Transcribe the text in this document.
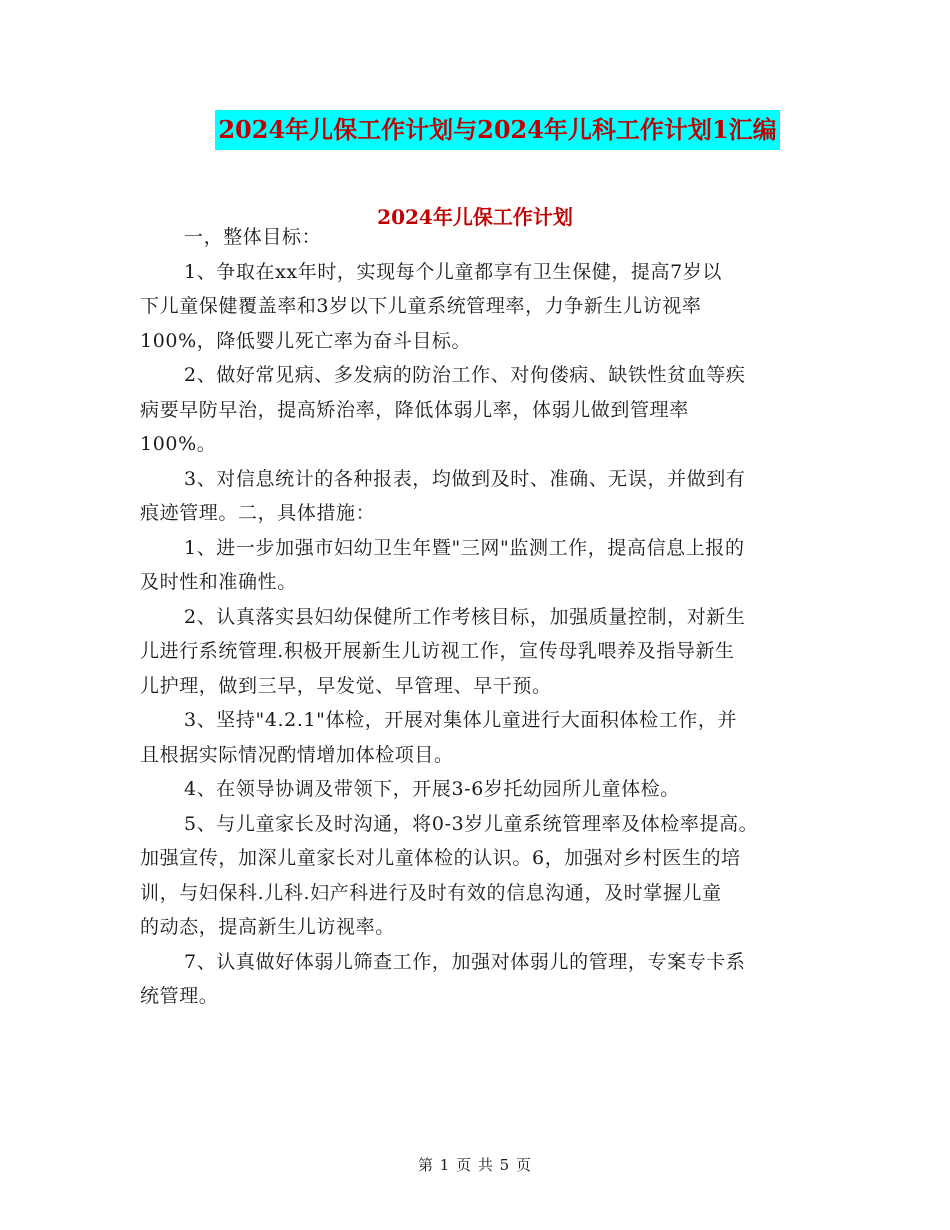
2024年儿保工作计划与2024年儿科工作计划1汇编
2024年儿保工作计划
一，整体目标：
1、争取在xx年时，实现每个儿童都享有卫生保健，提高7岁以
下儿童保健覆盖率和3岁以下儿童系统管理率，力争新生儿访视率
100%，降低婴儿死亡率为奋斗目标。
2、做好常见病、多发病的防治工作、对佝偻病、缺铁性贫血等疾
病要早防早治，提高矫治率，降低体弱儿率，体弱儿做到管理率
100%。
3、对信息统计的各种报表，均做到及时、准确、无误，并做到有
痕迹管理。二，具体措施：
1、进一步加强市妇幼卫生年暨"三网"监测工作，提高信息上报的
及时性和准确性。
2、认真落实县妇幼保健所工作考核目标，加强质量控制，对新生
儿进行系统管理.积极开展新生儿访视工作，宣传母乳喂养及指导新生
儿护理，做到三早，早发觉、早管理、早干预。
3、坚持"4.2.1"体检，开展对集体儿童进行大面积体检工作，并
且根据实际情况酌情增加体检项目。
4、在领导协调及带领下，开展3-6岁托幼园所儿童体检。
5、与儿童家长及时沟通，将0-3岁儿童系统管理率及体检率提高。
加强宣传，加深儿童家长对儿童体检的认识。6，加强对乡村医生的培
训，与妇保科.儿科.妇产科进行及时有效的信息沟通，及时掌握儿童
的动态，提高新生儿访视率。
7、认真做好体弱儿筛查工作，加强对体弱儿的管理，专案专卡系
统管理。
第 1 页 共 5 页
